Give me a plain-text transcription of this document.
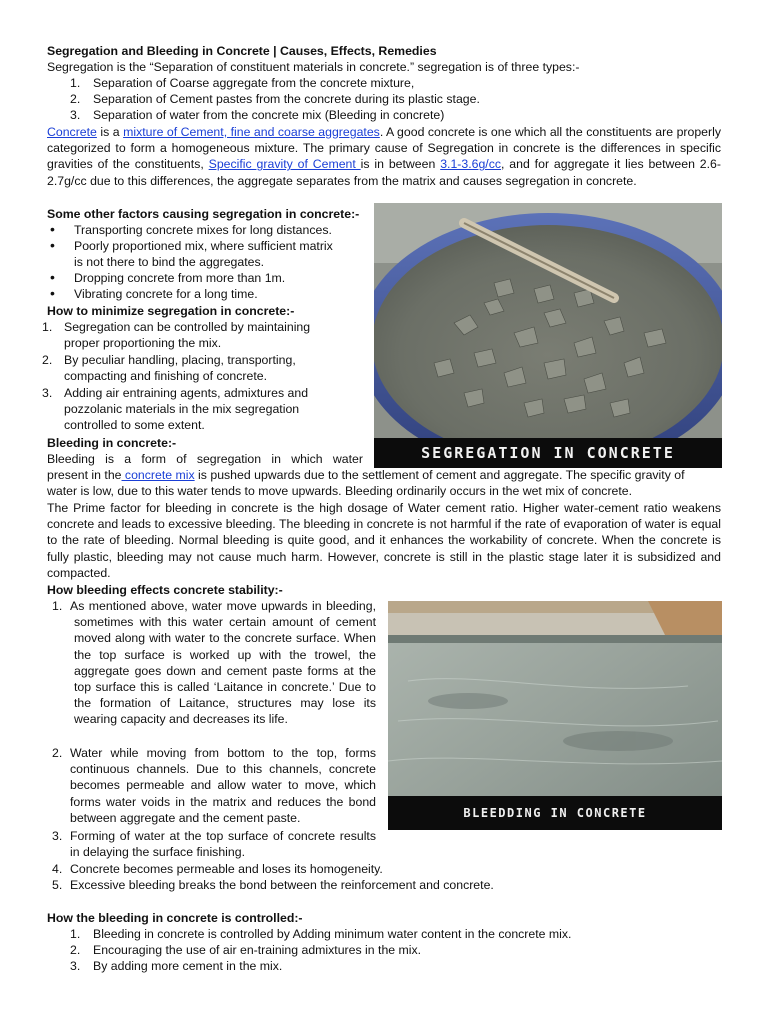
Segregation and Bleeding in Concrete | Causes, Effects, Remedies
Segregation is the “Separation of constituent materials in concrete.” segregation is of three types:-
1. Separation of Coarse aggregate from the concrete mixture,
2. Separation of Cement pastes from the concrete during its plastic stage.
3. Separation of water from the concrete mix (Bleeding in concrete)
Concrete is a mixture of Cement, fine and coarse aggregates. A good concrete is one which all the constituents are properly categorized to form a homogeneous mixture. The primary cause of Segregation in concrete is the differences in specific gravities of the constituents, Specific gravity of Cement is in between 3.1-3.6g/cc, and for aggregate it lies between 2.6-2.7g/cc due to this differences, the aggregate separates from the matrix and causes segregation in concrete.
Some other factors causing segregation in concrete:-
• Transporting concrete mixes for long distances.
• Poorly proportioned mix, where sufficient matrix
is not there to bind the aggregates.
• Dropping concrete from more than 1m.
• Vibrating concrete for a long time.
How to minimize segregation in concrete:-
1. Segregation can be controlled by maintaining
proper proportioning the mix.
2. By peculiar handling, placing, transporting,
compacting and finishing of concrete.
3. Adding air entraining agents, admixtures and
pozzolanic materials in the mix segregation
controlled to some extent.
Bleeding in concrete:-
Bleeding is a form of segregation in which water
present in the concrete mix is pushed upwards due to the settlement of cement and aggregate. The specific gravity of
water is low, due to this water tends to move upwards. Bleeding ordinarily occurs in the wet mix of concrete.
The Prime factor for bleeding in concrete is the high dosage of Water cement ratio. Higher water-cement ratio weakens concrete and leads to excessive bleeding. The bleeding in concrete is not harmful if the rate of evaporation of water is equal to the rate of bleeding. Normal bleeding is quite good, and it enhances the workability of concrete. When the concrete is fully plastic, bleeding may not cause much harm. However, concrete is still in the plastic stage later it is subsidized and compacted.
How bleeding effects concrete stability:-
1. As mentioned above, water move upwards in bleeding, sometimes with this water certain amount of cement moved along with water to the concrete surface. When the top surface is worked up with the trowel, the aggregate goes down and cement paste forms at the top surface this is called ‘Laitance in concrete.’ Due to the formation of Laitance, structures may lose its wearing capacity and decreases its life.
2. Water while moving from bottom to the top, forms continuous channels. Due to this channels, concrete becomes permeable and allow water to move, which forms water voids in the matrix and reduces the bond between aggregate and the cement paste.
3. Forming of water at the top surface of concrete results in delaying the surface finishing.
4. Concrete becomes permeable and loses its homogeneity.
5. Excessive bleeding breaks the bond between the reinforcement and concrete.
How the bleeding in concrete is controlled:-
1. Bleeding in concrete is controlled by Adding minimum water content in the concrete mix.
2. Encouraging the use of air en-training admixtures in the mix.
3. By adding more cement in the mix.
SEGREGATION IN CONCRETE
BLEEDDING IN CONCRETE
